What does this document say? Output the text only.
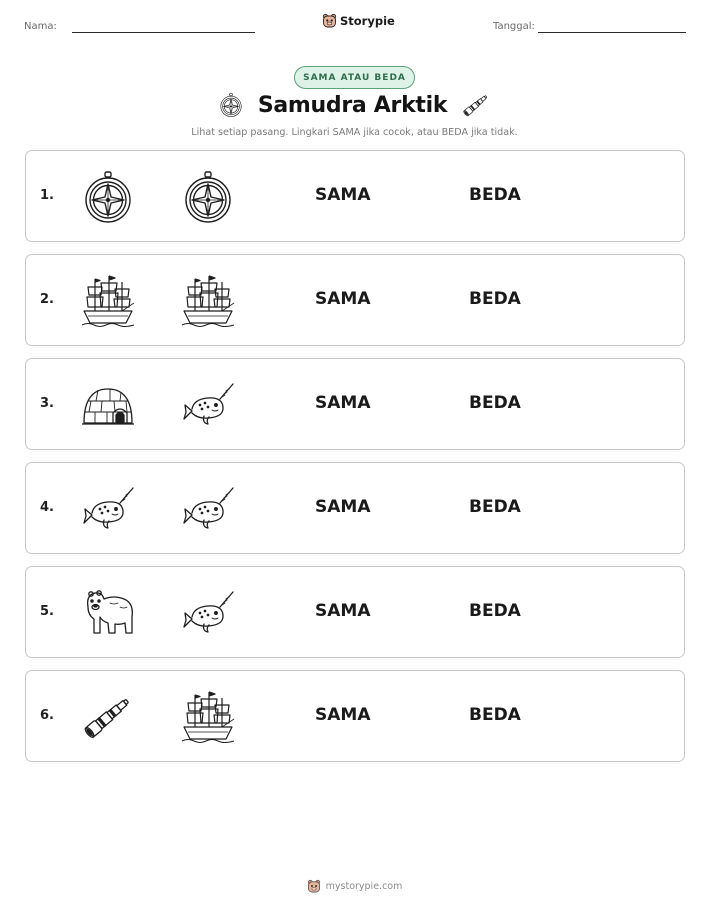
Nama:	Storypie	Tanggal:
SAMA ATAU BEDA
Samudra Arktik
Lihat setiap pasang. Lingkari SAMA jika cocok, atau BEDA jika tidak.
1.	SAMA	BEDA
2.	SAMA	BEDA
3.	SAMA	BEDA
4.	SAMA	BEDA
5.	SAMA	BEDA
6.	SAMA	BEDA
mystorypie.com
